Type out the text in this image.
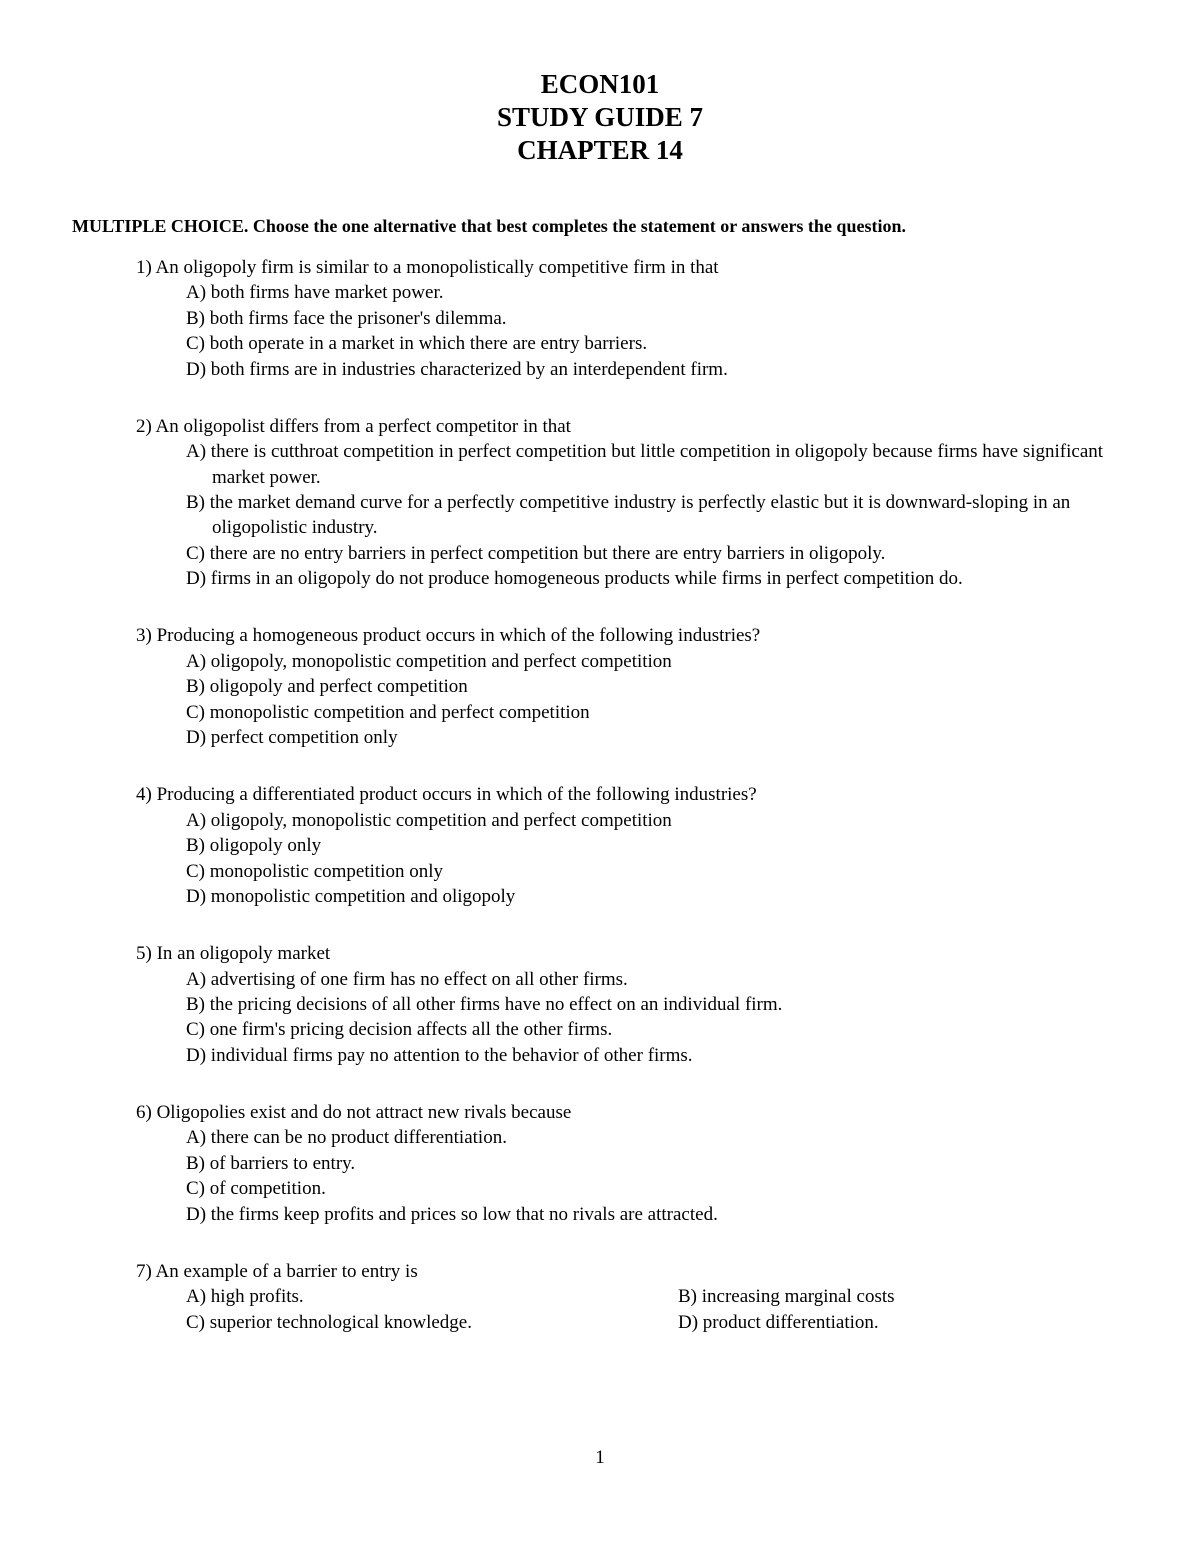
ECON101
STUDY GUIDE 7
CHAPTER 14
MULTIPLE CHOICE. Choose the one alternative that best completes the statement or answers the question.
1) An oligopoly firm is similar to a monopolistically competitive firm in that
A) both firms have market power.
B) both firms face the prisoner's dilemma.
C) both operate in a market in which there are entry barriers.
D) both firms are in industries characterized by an interdependent firm.
2) An oligopolist differs from a perfect competitor in that
A) there is cutthroat competition in perfect competition but little competition in oligopoly because firms have significant market power.
B) the market demand curve for a perfectly competitive industry is perfectly elastic but it is downward-sloping in an oligopolistic industry.
C) there are no entry barriers in perfect competition but there are entry barriers in oligopoly.
D) firms in an oligopoly do not produce homogeneous products while firms in perfect competition do.
3) Producing a homogeneous product occurs in which of the following industries?
A) oligopoly, monopolistic competition and perfect competition
B) oligopoly and perfect competition
C) monopolistic competition and perfect competition
D) perfect competition only
4) Producing a differentiated product occurs in which of the following industries?
A) oligopoly, monopolistic competition and perfect competition
B) oligopoly only
C) monopolistic competition only
D) monopolistic competition and oligopoly
5) In an oligopoly market
A) advertising of one firm has no effect on all other firms.
B) the pricing decisions of all other firms have no effect on an individual firm.
C) one firm's pricing decision affects all the other firms.
D) individual firms pay no attention to the behavior of other firms.
6) Oligopolies exist and do not attract new rivals because
A) there can be no product differentiation.
B) of barriers to entry.
C) of competition.
D) the firms keep profits and prices so low that no rivals are attracted.
7) An example of a barrier to entry is
A) high profits.	B) increasing marginal costs
C) superior technological knowledge.	D) product differentiation.
1
